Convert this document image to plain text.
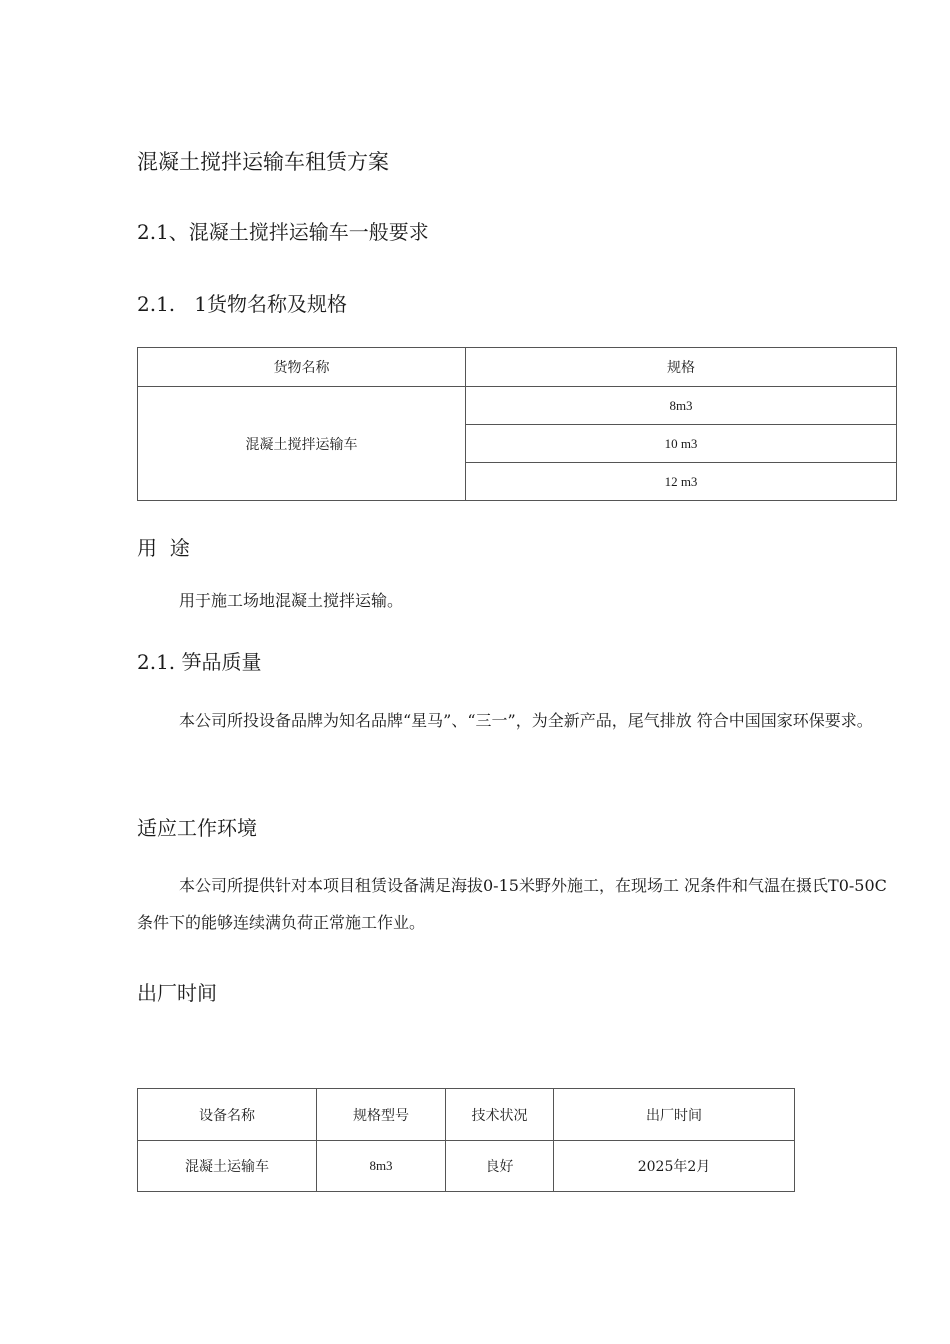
混凝土搅拌运输车租赁方案
2.1、混凝土搅拌运输车一般要求
2.1.   1货物名称及规格
货物名称	规格
混凝土搅拌运输车	8m3
	10 m3
	12 m3
用  途
用于施工场地混凝土搅拌运输。
2.1. 笋品质量
本公司所投设备品牌为知名品牌“星马”、“三一”，为全新产品，尾气排放 符合中国国家环保要求。
适应工作环境
本公司所提供针对本项目租赁设备满足海拔0-15米野外施工，在现场工 况条件和气温在摄氏T0-50C条件下的能够连续满负荷正常施工作业。
出厂时间
设备名称	规格型号	技术状况	出厂时间
混凝土运输车	8m3	良好	2025年2月
